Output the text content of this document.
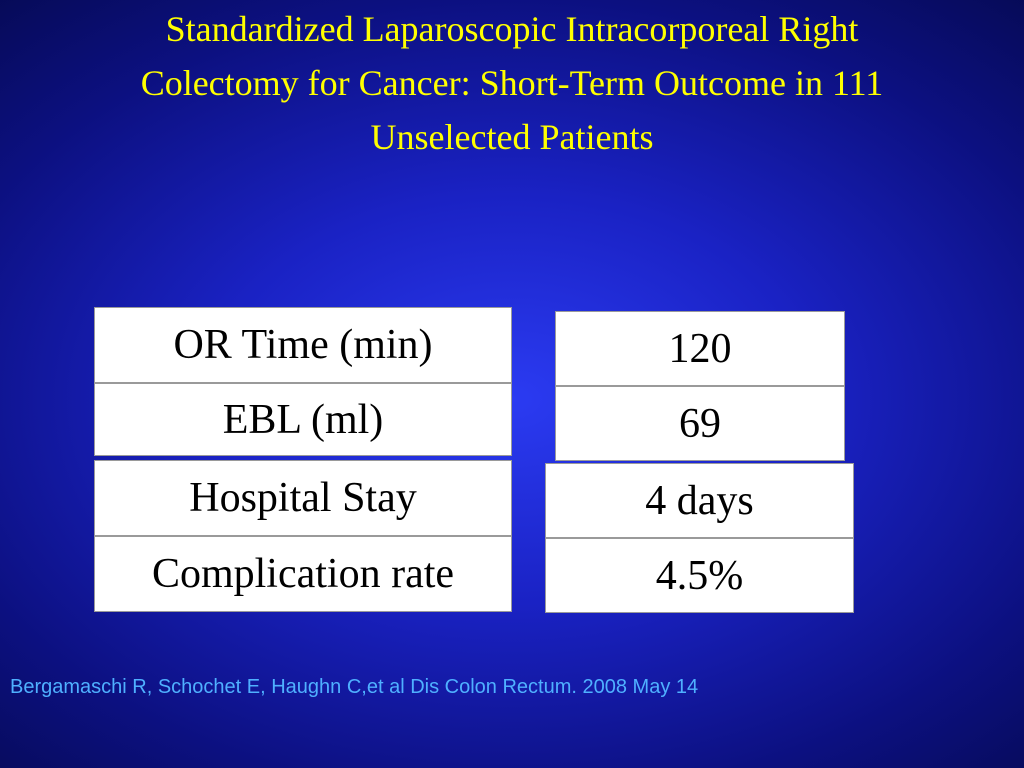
Standardized Laparoscopic Intracorporeal Right
Colectomy for Cancer: Short-Term Outcome in 111
Unselected Patients
OR Time (min)
EBL (ml)
Hospital Stay
Complication rate
120
69
4 days
4.5%
Bergamaschi R, Schochet E, Haughn C,et al Dis Colon Rectum. 2008 May 14
